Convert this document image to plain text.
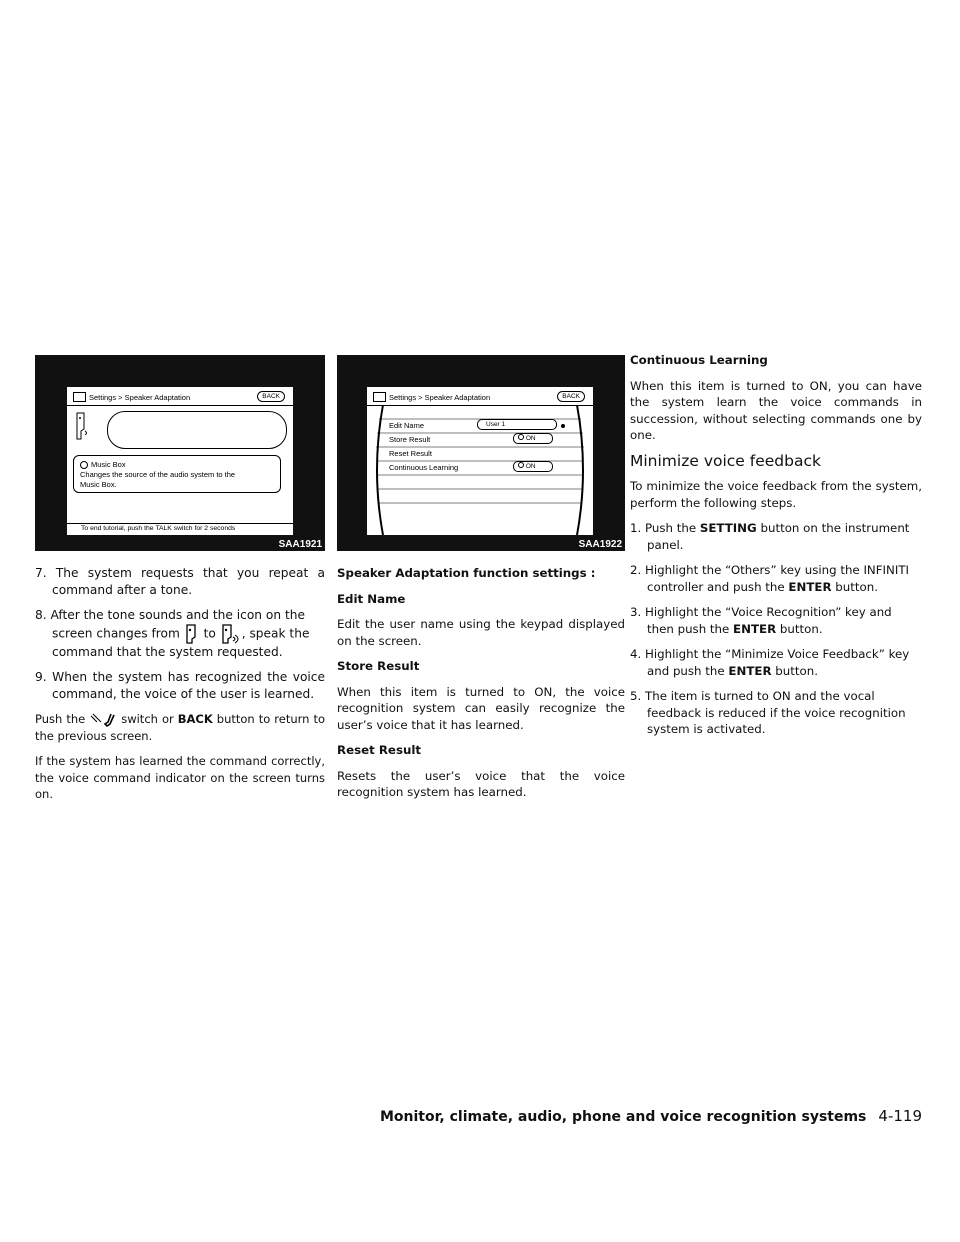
Settings > Speaker Adaptation	BACK
Music Box
Changes the source of the audio system to the
Music Box.
To end tutorial, push the TALK switch for 2 seconds
SAA1921
Settings > Speaker Adaptation	BACK
Edit Name	User 1
Store Result	ON
Reset Result
Continuous Learning	ON
SAA1922

7. The system requests that you repeat a command after a tone.

8. After the tone sounds and the icon on the screen changes from to , speak the command that the system requested.

9. When the system has recognized the voice command, the voice of the user is learned.

Push the	switch or BACK button to return to the previous screen.

If the system has learned the command correctly, the voice command indicator on the screen turns on.

Speaker Adaptation function settings :

Edit Name

Edit the user name using the keypad displayed on the screen.

Store Result

When this item is turned to ON, the voice recognition system can easily recognize the user’s voice that it has learned.

Reset Result

Resets the user’s voice that the voice recognition system has learned.

Continuous Learning

When this item is turned to ON, you can have the system learn the voice commands in succession, without selecting commands one by one.

Minimize voice feedback

To minimize the voice feedback from the system, perform the following steps.

1. Push the SETTING button on the instrument panel.

2. Highlight the “Others” key using the INFINITI controller and push the ENTER button.

3. Highlight the “Voice Recognition” key and then push the ENTER button.

4. Highlight the “Minimize Voice Feedback” key and push the ENTER button.

5. The item is turned to ON and the vocal feedback is reduced if the voice recognition system is activated.

Monitor, climate, audio, phone and voice recognition systems 4-119
